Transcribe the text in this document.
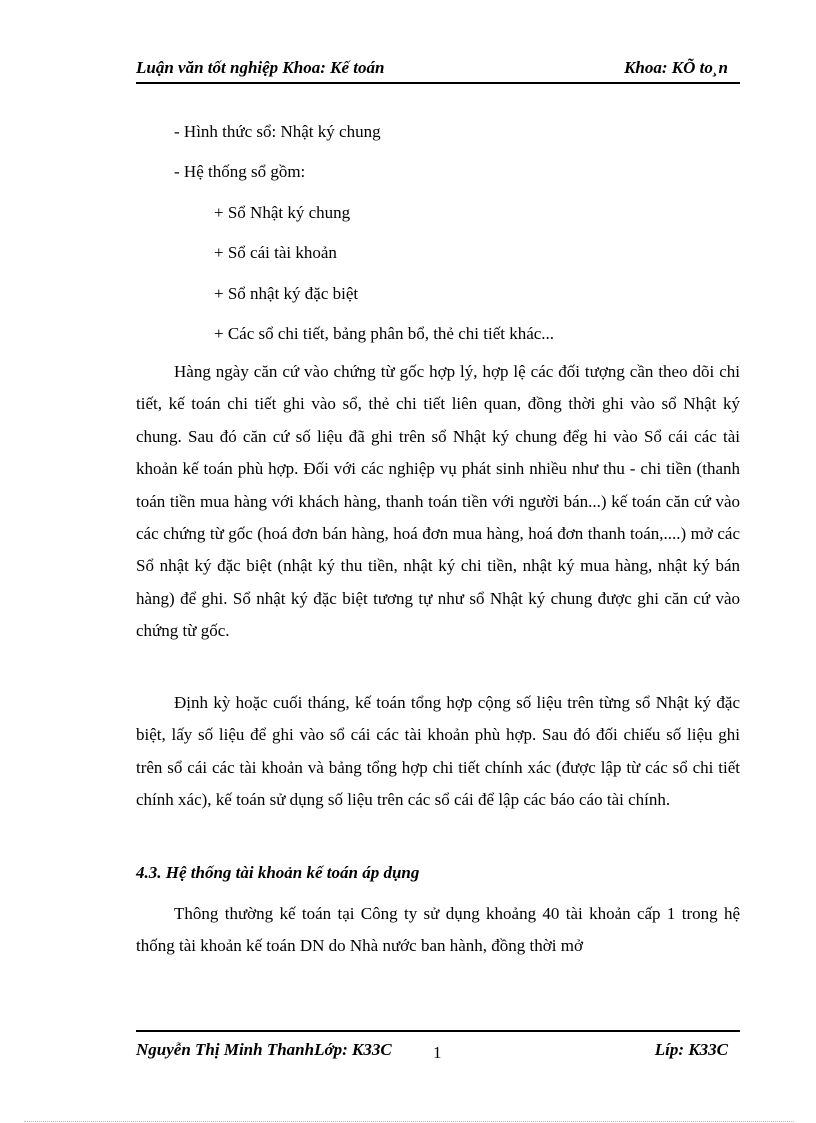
Luận văn tốt nghiệp Khoa: Kế toán	Khoa: KÕ to¸n
- Hình thức sổ: Nhật ký chung
- Hệ thống sổ gồm:
+ Sổ Nhật ký chung
+ Sổ cái tài khoản
+ Sổ nhật ký đặc biệt
+ Các sổ chi tiết, bảng phân bổ, thẻ chi tiết khác...

Hàng ngày căn cứ vào chứng từ gốc hợp lý, hợp lệ các đối tượng cần theo dõi chi tiết, kế toán chi tiết ghi vào sổ, thẻ chi tiết liên quan, đồng thời ghi vào sổ Nhật ký chung. Sau đó căn cứ số liệu đã ghi trên sổ Nhật ký chung đểg hi vào Sổ cái các tài khoản kế toán phù hợp. Đối với các nghiệp vụ phát sinh nhiều như thu - chi tiền (thanh toán tiền mua hàng với khách hàng, thanh toán tiền với người bán...) kế toán căn cứ vào các chứng từ gốc (hoá đơn bán hàng, hoá đơn mua hàng, hoá đơn thanh toán,....) mở các Sổ nhật ký đặc biệt (nhật ký thu tiền, nhật ký chi tiền, nhật ký mua hàng, nhật ký bán hàng) để ghi. Sổ nhật ký đặc biệt tương tự như sổ Nhật ký chung được ghi căn cứ vào chứng từ gốc.

Định kỳ hoặc cuối tháng, kế toán tổng hợp cộng số liệu trên từng sổ Nhật ký đặc biệt, lấy số liệu để ghi vào sổ cái các tài khoản phù hợp. Sau đó đối chiếu số liệu ghi trên sổ cái các tài khoản và bảng tổng hợp chi tiết chính xác (được lập từ các sổ chi tiết chính xác), kế toán sử dụng số liệu trên các sổ cái để lập các báo cáo tài chính.

4.3. Hệ thống tài khoản kế toán áp dụng

Thông thường kế toán tại Công ty sử dụng khoảng 40 tài khoản cấp 1 trong hệ thống tài khoản kế toán DN do Nhà nước ban hành, đồng thời mở

Nguyễn Thị Minh ThanhLớp: K33C	Líp: K33C
1
